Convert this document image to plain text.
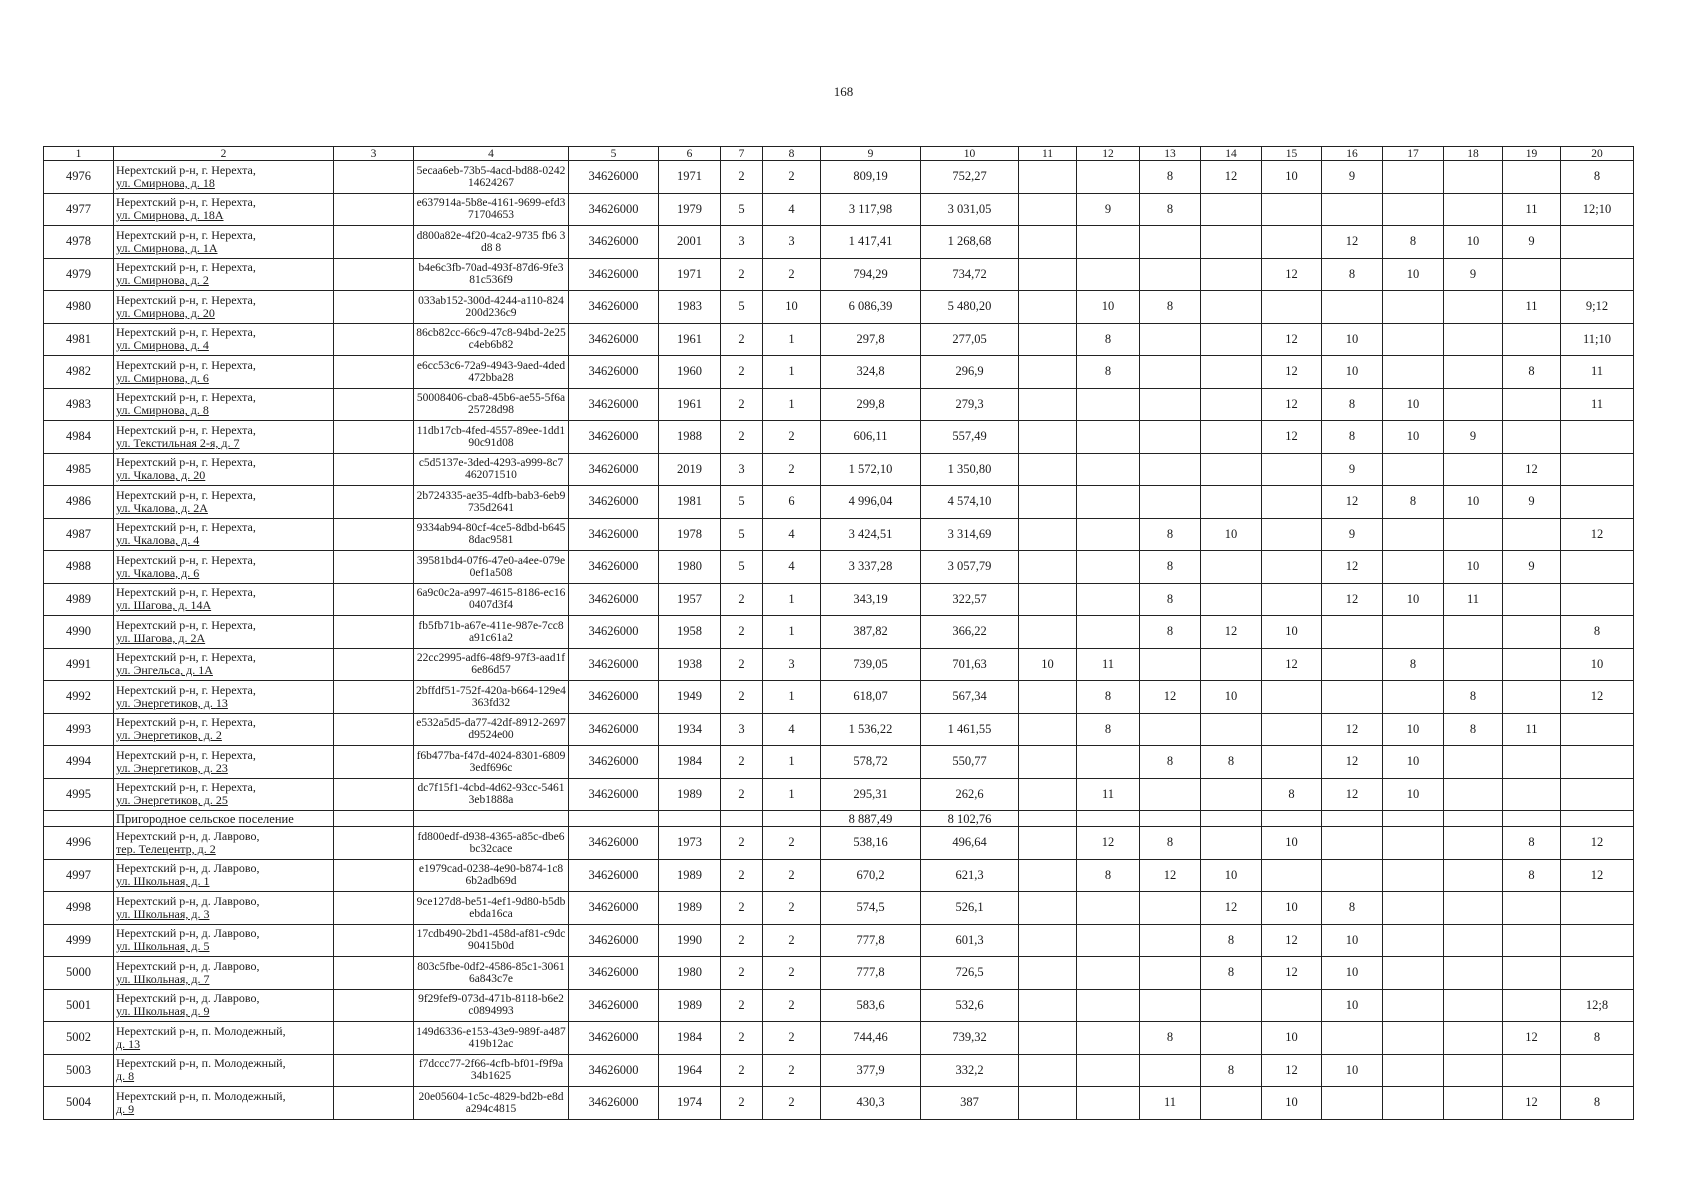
168
1	2	3	4	5	6	7	8	9	10	11	12	13	14	15	16	17	18	19	20
4976	Нерехтский р-н, г. Нерехта,
ул. Смирнова, д. 18		5ecaa6eb-73b5-4acd-bd88-024214624267	34626000	1971	2	2	809,19	752,27			8	12	10	9				8
4977	Нерехтский р-н, г. Нерехта,
ул. Смирнова, д. 18А		e637914a-5b8e-4161-9699-efd371704653	34626000	1979	5	4	3 117,98	3 031,05		9	8						11	12;10
4978	Нерехтский р-н, г. Нерехта,
ул. Смирнова, д. 1А		d800a82e-4f20-4ca2-9735 fb6 3 d8 8	34626000	2001	3	3	1 417,41	1 268,68						12	8	10	9	
4979	Нерехтский р-н, г. Нерехта,
ул. Смирнова, д. 2		b4e6c3fb-70ad-493f-87d6-9fe381c536f9	34626000	1971	2	2	794,29	734,72					12	8	10	9		
4980	Нерехтский р-н, г. Нерехта,
ул. Смирнова, д. 20		033ab152-300d-4244-a110-824200d236c9	34626000	1983	5	10	6 086,39	5 480,20		10	8						11	9;12
4981	Нерехтский р-н, г. Нерехта,
ул. Смирнова, д. 4		86cb82cc-66c9-47c8-94bd-2e25c4eb6b82	34626000	1961	2	1	297,8	277,05		8			12	10				11;10
4982	Нерехтский р-н, г. Нерехта,
ул. Смирнова, д. 6		e6cc53c6-72a9-4943-9aed-4ded472bba28	34626000	1960	2	1	324,8	296,9		8			12	10			8	11
4983	Нерехтский р-н, г. Нерехта,
ул. Смирнова, д. 8		50008406-cba8-45b6-ae55-5f6a25728d98	34626000	1961	2	1	299,8	279,3					12	8	10			11
4984	Нерехтский р-н, г. Нерехта,
ул. Текстильная 2-я, д. 7		11db17cb-4fed-4557-89ee-1dd190c91d08	34626000	1988	2	2	606,11	557,49					12	8	10	9		
4985	Нерехтский р-н, г. Нерехта,
ул. Чкалова, д. 20		c5d5137e-3ded-4293-a999-8c7462071510	34626000	2019	3	2	1 572,10	1 350,80						9			12	
4986	Нерехтский р-н, г. Нерехта,
ул. Чкалова, д. 2А		2b724335-ae35-4dfb-bab3-6eb9735d2641	34626000	1981	5	6	4 996,04	4 574,10						12	8	10	9	
4987	Нерехтский р-н, г. Нерехта,
ул. Чкалова, д. 4		9334ab94-80cf-4ce5-8dbd-b6458dac9581	34626000	1978	5	4	3 424,51	3 314,69			8	10		9				12
4988	Нерехтский р-н, г. Нерехта,
ул. Чкалова, д. 6		39581bd4-07f6-47e0-a4ee-079e0ef1a508	34626000	1980	5	4	3 337,28	3 057,79			8			12		10	9	
4989	Нерехтский р-н, г. Нерехта,
ул. Шагова, д. 14А		6a9c0c2a-a997-4615-8186-ec160407d3f4	34626000	1957	2	1	343,19	322,57			8			12	10	11		
4990	Нерехтский р-н, г. Нерехта,
ул. Шагова, д. 2А		fb5fb71b-a67e-411e-987e-7cc8a91c61a2	34626000	1958	2	1	387,82	366,22			8	12	10					8
4991	Нерехтский р-н, г. Нерехта,
ул. Энгельса, д. 1А		22cc2995-adf6-48f9-97f3-aad1f6e86d57	34626000	1938	2	3	739,05	701,63	10	11			12		8			10
4992	Нерехтский р-н, г. Нерехта,
ул. Энергетиков, д. 13		2bffdf51-752f-420a-b664-129e4363fd32	34626000	1949	2	1	618,07	567,34		8	12	10				8		12
4993	Нерехтский р-н, г. Нерехта,
ул. Энергетиков, д. 2		e532a5d5-da77-42df-8912-2697d9524e00	34626000	1934	3	4	1 536,22	1 461,55		8				12	10	8	11	
4994	Нерехтский р-н, г. Нерехта,
ул. Энергетиков, д. 23		f6b477ba-f47d-4024-8301-68093edf696c	34626000	1984	2	1	578,72	550,77			8	8		12	10			
4995	Нерехтский р-н, г. Нерехта,
ул. Энергетиков, д. 25		dc7f15f1-4cbd-4d62-93cc-54613eb1888a	34626000	1989	2	1	295,31	262,6		11			8	12	10			
	Пригородное сельское поселение							8 887,49	8 102,76										
4996	Нерехтский р-н, д. Лаврово,
тер. Телецентр, д. 2		fd800edf-d938-4365-a85c-dbe6bc32cace	34626000	1973	2	2	538,16	496,64		12	8		10				8	12
4997	Нерехтский р-н, д. Лаврово,
ул. Школьная, д. 1		e1979cad-0238-4e90-b874-1c86b2adb69d	34626000	1989	2	2	670,2	621,3		8	12	10					8	12
4998	Нерехтский р-н, д. Лаврово,
ул. Школьная, д. 3		9ce127d8-be51-4ef1-9d80-b5dbebda16ca	34626000	1989	2	2	574,5	526,1				12	10	8				
4999	Нерехтский р-н, д. Лаврово,
ул. Школьная, д. 5		17cdb490-2bd1-458d-af81-c9dc90415b0d	34626000	1990	2	2	777,8	601,3				8	12	10				
5000	Нерехтский р-н, д. Лаврово,
ул. Школьная, д. 7		803c5fbe-0df2-4586-85c1-30616a843c7e	34626000	1980	2	2	777,8	726,5				8	12	10				
5001	Нерехтский р-н, д. Лаврово,
ул. Школьная, д. 9		9f29fef9-073d-471b-8118-b6e2c0894993	34626000	1989	2	2	583,6	532,6						10				12;8
5002	Нерехтский р-н, п. Молодежный,
д. 13		149d6336-e153-43e9-989f-a487419b12ac	34626000	1984	2	2	744,46	739,32			8		10				12	8
5003	Нерехтский р-н, п. Молодежный,
д. 8		f7dccc77-2f66-4cfb-bf01-f9f9a34b1625	34626000	1964	2	2	377,9	332,2				8	12	10				
5004	Нерехтский р-н, п. Молодежный,
д. 9		20e05604-1c5c-4829-bd2b-e8da294c4815	34626000	1974	2	2	430,3	387			11		10				12	8
